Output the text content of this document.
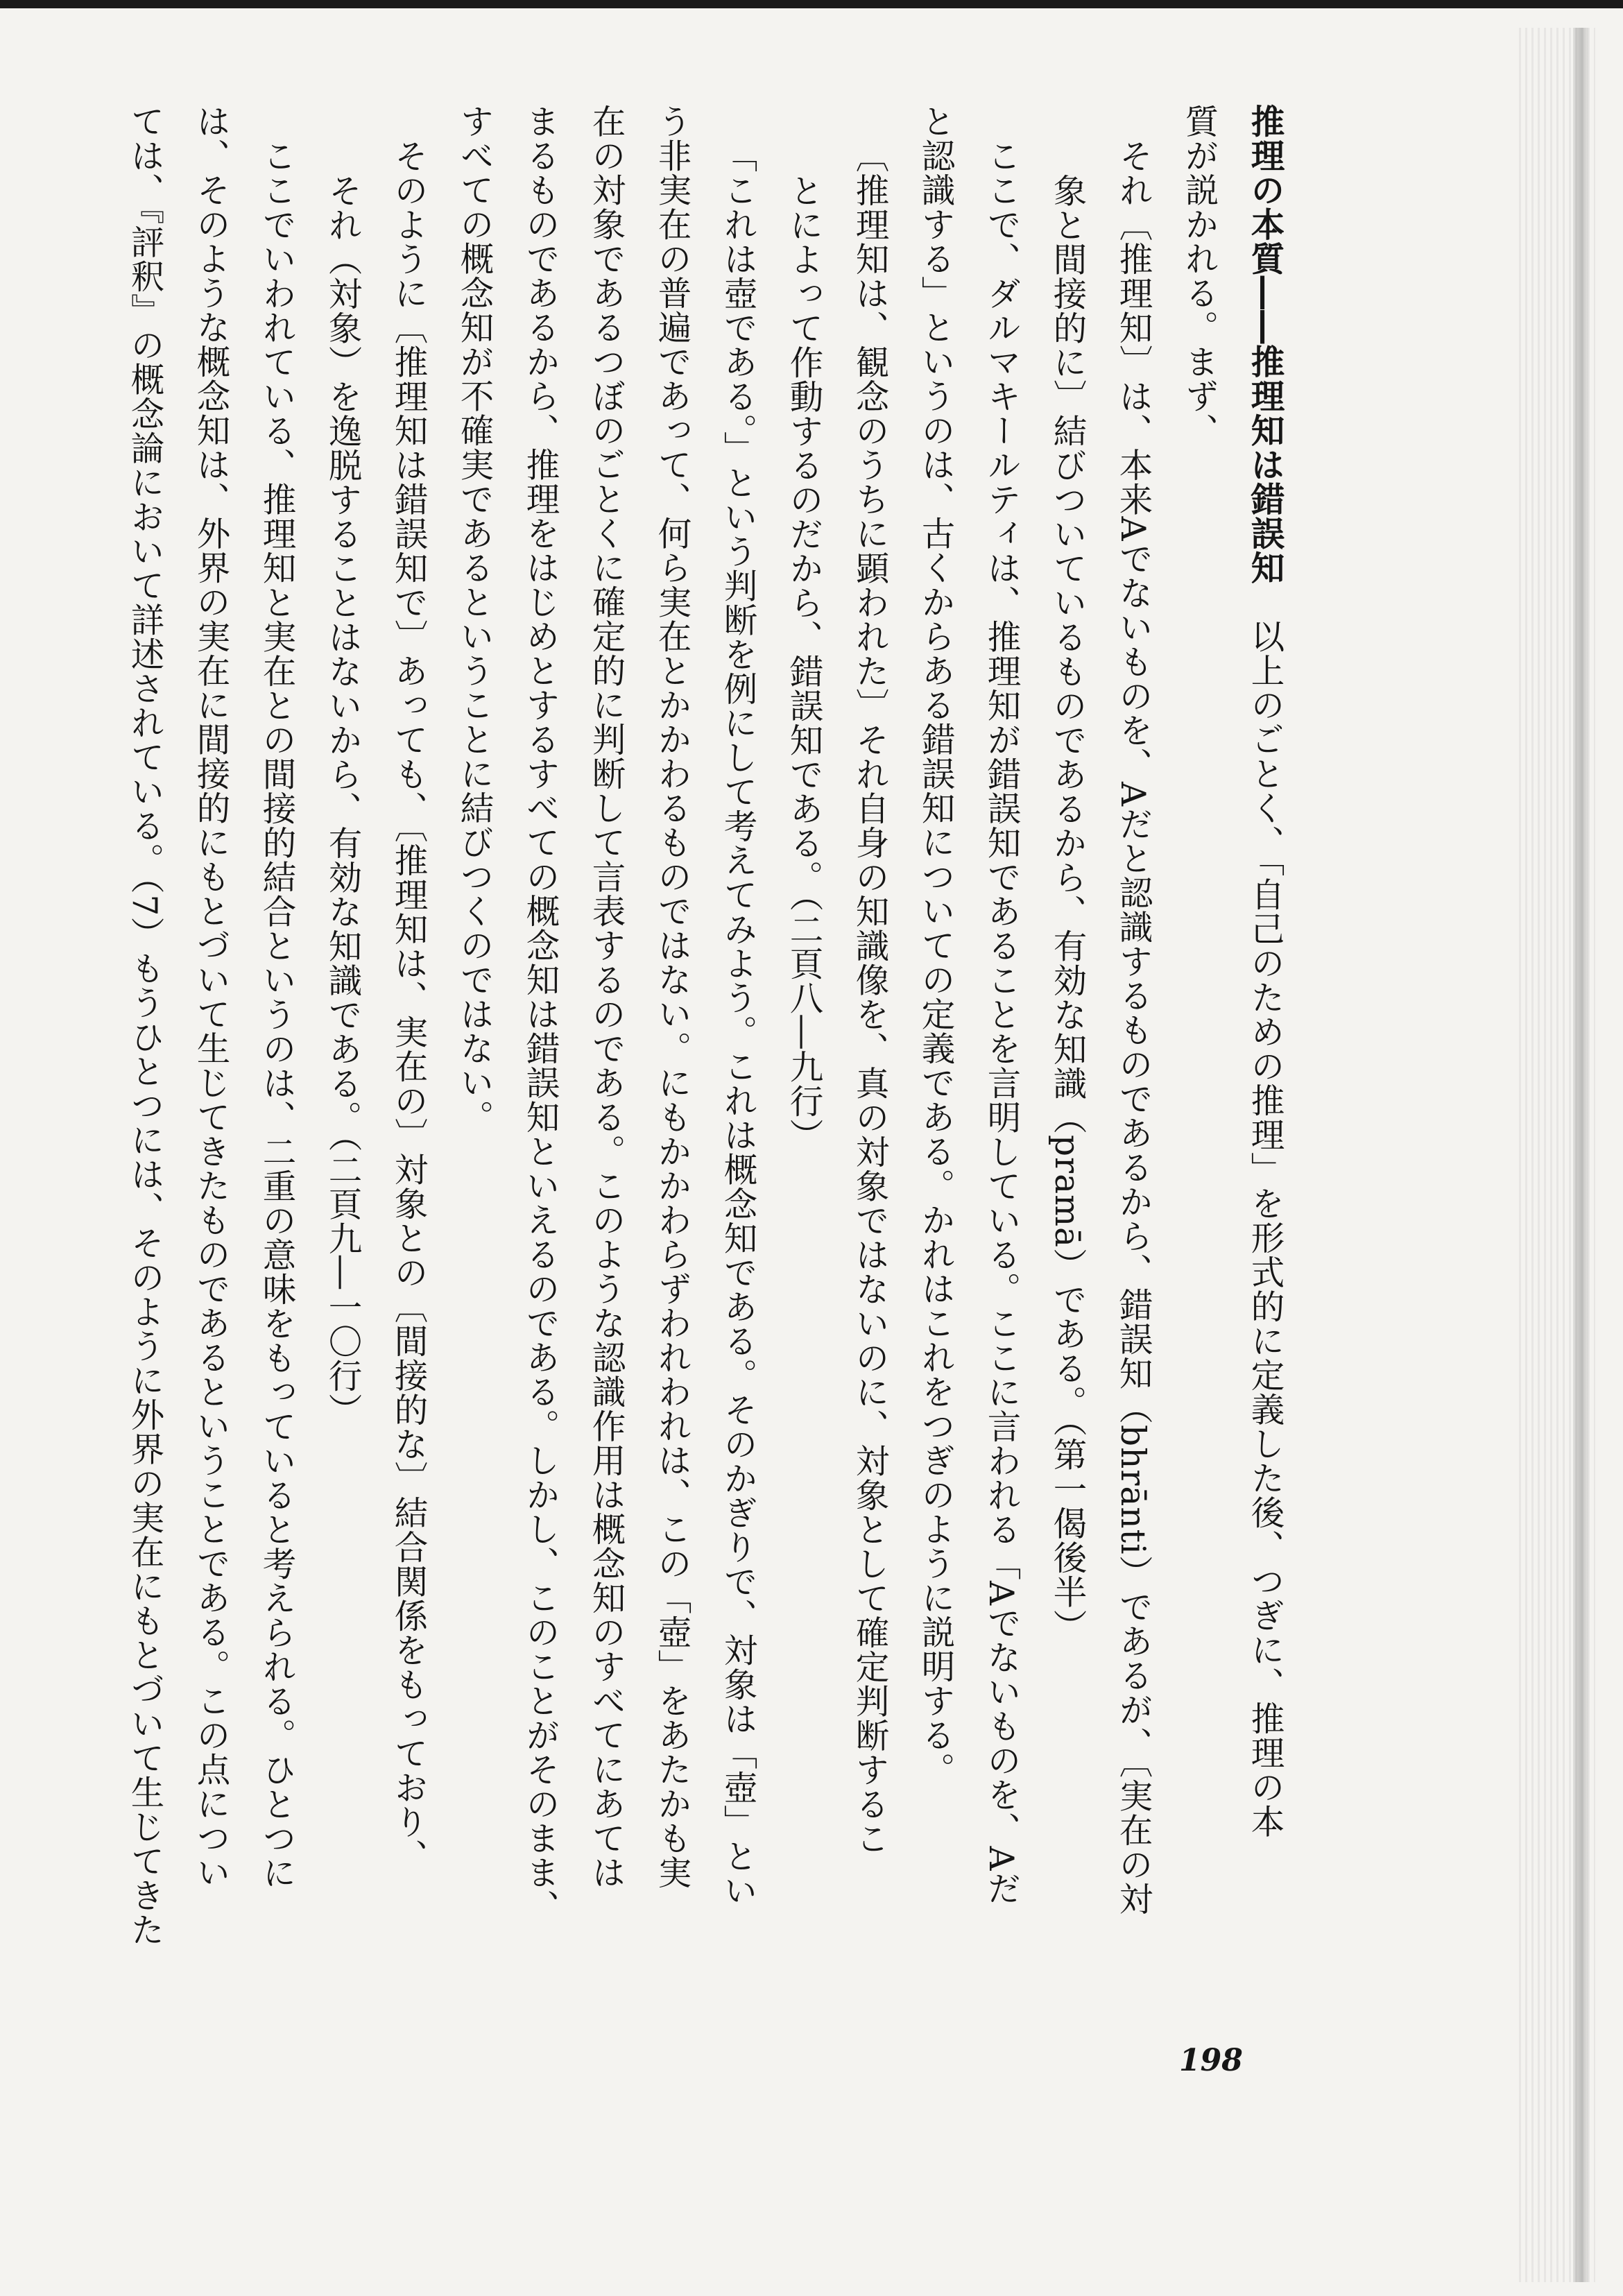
推理の本質――推理知は錯誤知　以上のごとく、「自己のための推理」を形式的に定義した後、つぎに、推理の本
質が説かれる。まず、
それ〔推理知〕は、本来Aでないものを、Aだと認識するものであるから、錯誤知（bhrānti）であるが、〔実在の対
象と間接的に〕結びついているものであるから、有効な知識（pramā）である。（第一偈後半）
ここで、ダルマキールティは、推理知が錯誤知であることを言明している。ここに言われる「Aでないものを、Aだ
と認識する」というのは、古くからある錯誤知についての定義である。かれはこれをつぎのように説明する。
〔推理知は、観念のうちに顕われた〕それ自身の知識像を、真の対象ではないのに、対象として確定判断するこ
とによって作動するのだから、錯誤知である。（二頁八―九行）
「これは壺である。」という判断を例にして考えてみよう。これは概念知である。そのかぎりで、対象は「壺」とい
う非実在の普遍であって、何ら実在とかかわるものではない。にもかかわらずわれわれは、この「壺」をあたかも実
在の対象であるつぼのごとくに確定的に判断して言表するのである。このような認識作用は概念知のすべてにあては
まるものであるから、推理をはじめとするすべての概念知は錯誤知といえるのである。しかし、このことがそのまま、
すべての概念知が不確実であるということに結びつくのではない。
そのように〔推理知は錯誤知で〕あっても、〔推理知は、実在の〕対象との〔間接的な〕結合関係をもっており、
それ（対象）を逸脱することはないから、有効な知識である。（二頁九―一〇行）
ここでいわれている、推理知と実在との間接的結合というのは、二重の意味をもっていると考えられる。ひとつに
は、そのような概念知は、外界の実在に間接的にもとづいて生じてきたものであるということである。この点につい
ては、『評釈』の概念論において詳述されている。（7）もうひとつには、そのように外界の実在にもとづいて生じてきた
198
